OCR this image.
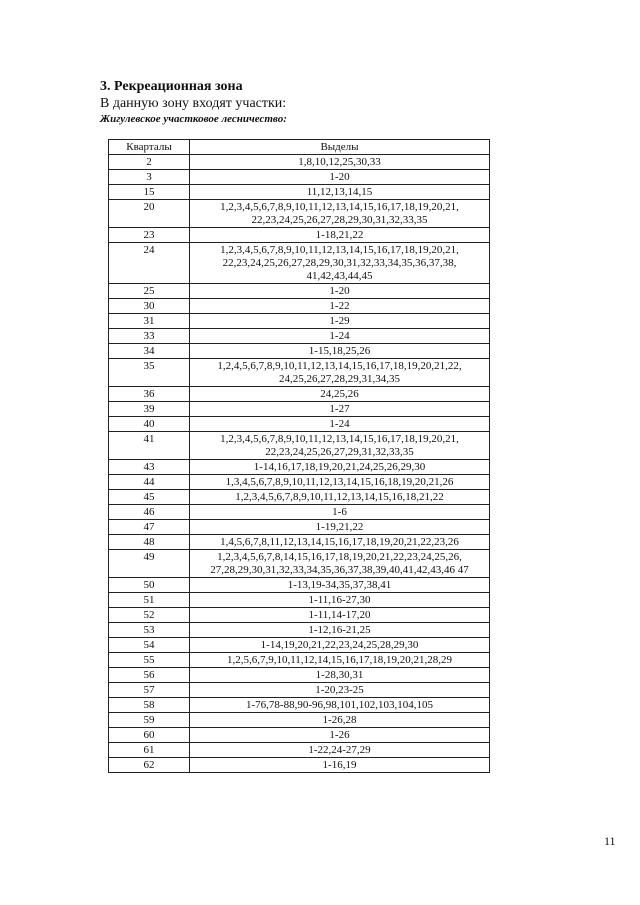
3. Рекреационная зона
В данную зону входят участки:
Жигулевское участковое лесничество:
Кварталы	Выделы
2	1,8,10,12,25,30,33
3	1-20
15	11,12,13,14,15
20	1,2,3,4,5,6,7,8,9,10,11,12,13,14,15,16,17,18,19,20,21, 22,23,24,25,26,27,28,29,30,31,32,33,35
23	1-18,21,22
24	1,2,3,4,5,6,7,8,9,10,11,12,13,14,15,16,17,18,19,20,21, 22,23,24,25,26,27,28,29,30,31,32,33,34,35,36,37,38, 41,42,43,44,45
25	1-20
30	1-22
31	1-29
33	1-24
34	1-15,18,25,26
35	1,2,4,5,6,7,8,9,10,11,12,13,14,15,16,17,18,19,20,21,22, 24,25,26,27,28,29,31,34,35
36	24,25,26
39	1-27
40	1-24
41	1,2,3,4,5,6,7,8,9,10,11,12,13,14,15,16,17,18,19,20,21, 22,23,24,25,26,27,29,31,32,33,35
43	1-14,16,17,18,19,20,21,24,25,26,29,30
44	1,3,4,5,6,7,8,9,10,11,12,13,14,15,16,18,19,20,21,26
45	1,2,3,4,5,6,7,8,9,10,11,12,13,14,15,16,18,21,22
46	1-6
47	1-19,21,22
48	1,4,5,6,7,8,11,12,13,14,15,16,17,18,19,20,21,22,23,26
49	1,2,3,4,5,6,7,8,14,15,16,17,18,19,20,21,22,23,24,25,26, 27,28,29,30,31,32,33,34,35,36,37,38,39,40,41,42,43,46 47
50	1-13,19-34,35,37,38,41
51	1-11,16-27,30
52	1-11,14-17,20
53	1-12,16-21,25
54	1-14,19,20,21,22,23,24,25,28,29,30
55	1,2,5,6,7,9,10,11,12,14,15,16,17,18,19,20,21,28,29
56	1-28,30,31
57	1-20,23-25
58	1-76,78-88,90-96,98,101,102,103,104,105
59	1-26,28
60	1-26
61	1-22,24-27,29
62	1-16,19
11
